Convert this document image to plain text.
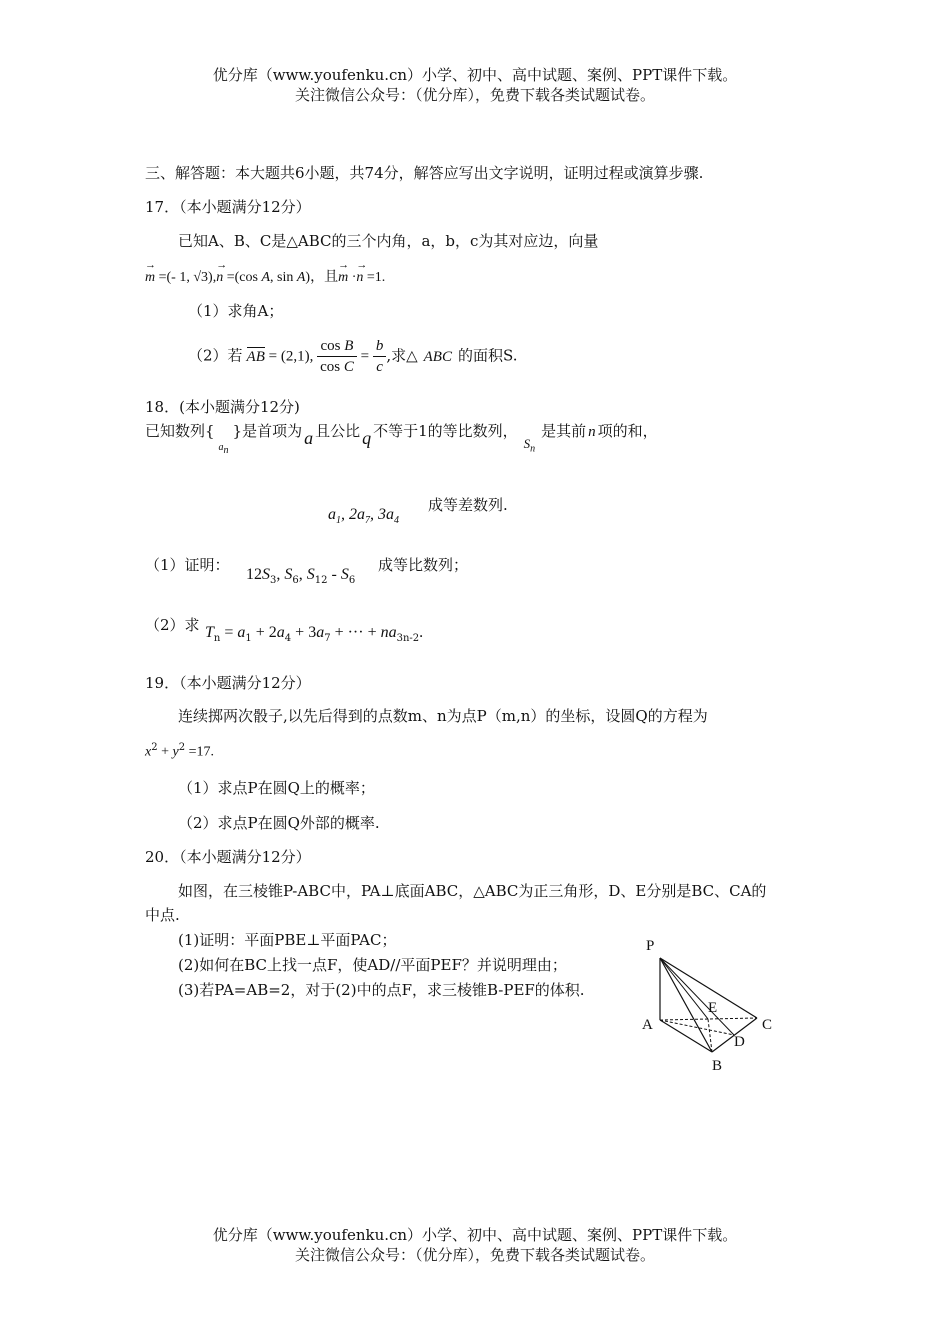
优分库（www.youfenku.cn）小学、初中、高中试题、案例、PPT课件下载。
关注微信公众号：（优分库），免费下载各类试题试卷。
三、解答题：本大题共6小题，共74分，解答应写出文字说明，证明过程或演算步骤.
17．（本小题满分12分）
已知A、B、C是△ABC的三个内角，a，b，c为其对应边，向量
→ m =(- 1, √3),→ n =(cos A, sin A)，且→ m ·→ n =1.
（1）求角A；
（2）若 AB = (2,1), $\frac{\text{cos B}}{\text{cos C}} = \frac{b}{c}$ ,求△ ABC 的面积S.
18．(本小题满分12分)
已知数列$\{_{a_n}\}$是首项为 a 且公比 q 不等于1的等比数列，$S_n$是其前 n 项的和，
$a_1$, $2a_7$, $3a_4$
成等差数列.
（1）证明：
$12S_3$, $S_6$, $S_{12} - S_6$
成等比数列；
（2）求 $T_n = a_1 + 2a_4 + 3a_7$ + ··· + $na_{3n-2}$.
19．（本小题满分12分）
连续掷两次骰子,以先后得到的点数m、n为点P（m,n）的坐标，设圆Q的方程为
$x^2 + y^2 =17$.
（1）求点P在圆Q上的概率；
（2）求点P在圆Q外部的概率.
20．（本小题满分12分）
如图，在三棱锥P-ABC中，PA⊥底面ABC，△ABC为正三角形，D、E分别是BC、CA的
中点.
(1)证明：平面PBE⊥平面PAC；
(2)如何在BC上找一点F，使AD//平面PEF？并说明理由；
(3)若PA=AB=2，对于(2)中的点F，求三棱锥B-PEF的体积.
P
A
B
C
D
E
优分库（www.youfenku.cn）小学、初中、高中试题、案例、PPT课件下载。
关注微信公众号：（优分库），免费下载各类试题试卷。
